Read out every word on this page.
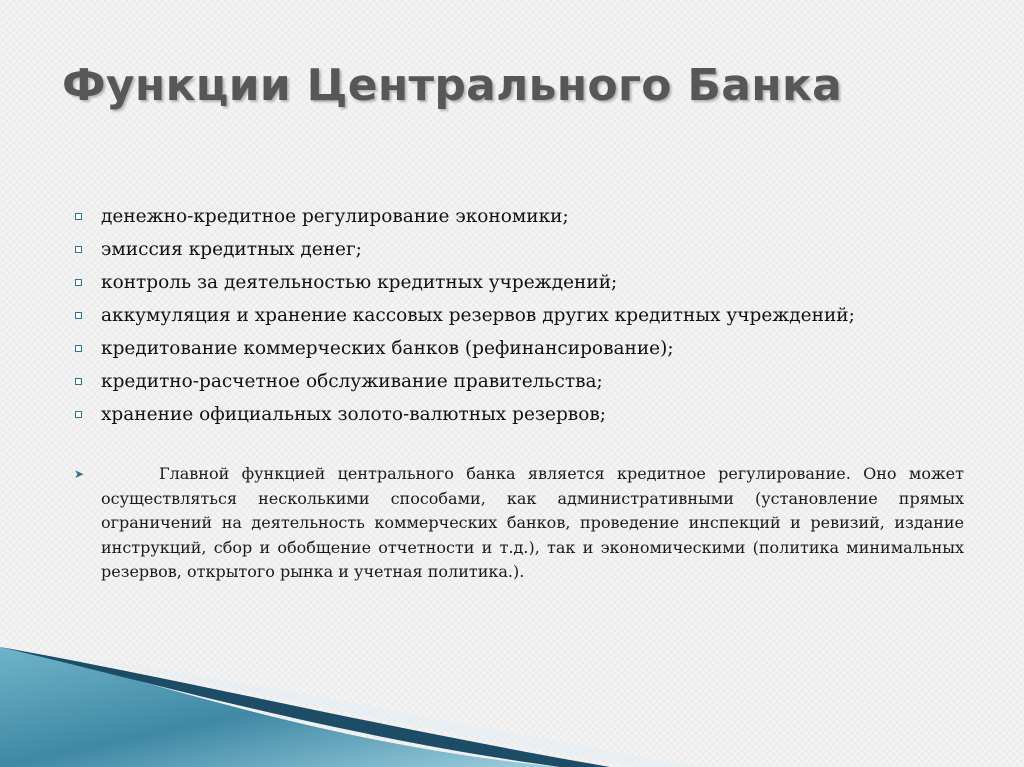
Функции Центрального Банка
денежно-кредитное регулирование экономики;
эмиссия кредитных денег;
контроль за деятельностью кредитных учреждений;
аккумуляция и хранение кассовых резервов других кредитных учреждений;
кредитование коммерческих банков (рефинансирование);
кредитно-расчетное обслуживание правительства;
хранение официальных золото-валютных резервов;
➤	Главной функцией центрального банка является кредитное регулирование. Оно может осуществляться несколькими способами, как административными (установление прямых ограничений на деятельность коммерческих банков, проведение инспекций и ревизий, издание инструкций, сбор и обобщение отчетности и т.д.), так и экономическими (политика минимальных резервов, открытого рынка и учетная политика.).
